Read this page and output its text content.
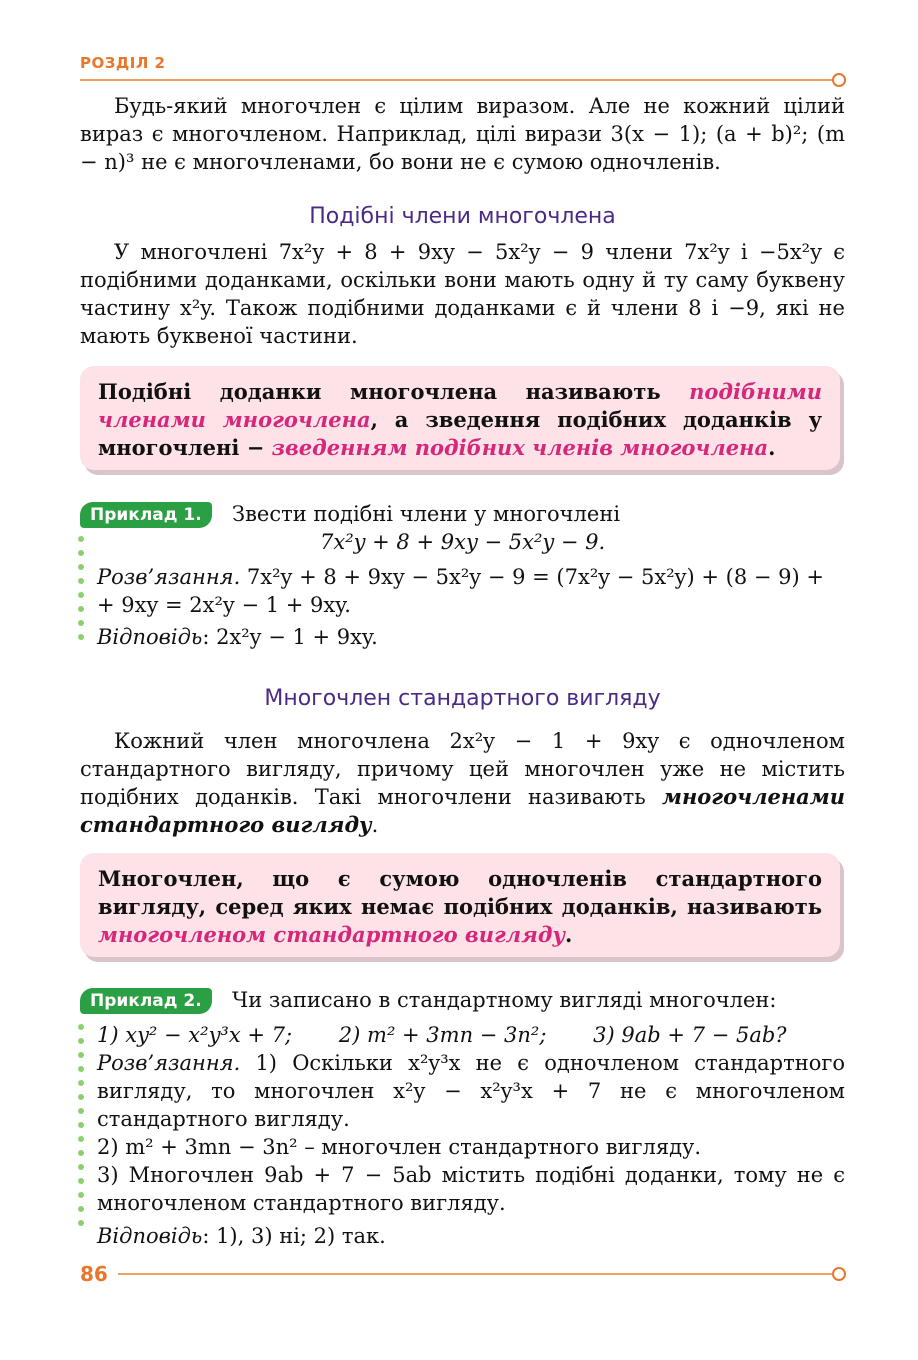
РОЗДІЛ 2
Будь-який многочлен є цілим виразом. Але не кожний цілий вираз є многочленом. Наприклад, цілі вирази 3(x − 1); (a + b)²; (m − n)³ не є многочленами, бо вони не є сумою одночленів.
Подібні члени многочлена
У многочлені 7x²y + 8 + 9xy − 5x²y − 9 члени 7x²y і −5x²y є подібними доданками, оскільки вони мають одну й ту саму буквену частину x²y. Також подібними доданками є й члени 8 і −9, які не мають буквеної частини.
Подібні доданки многочлена називають подібними членами многочлена, а зведення подібних доданків у многочлені − зведенням подібних членів многочлена.
Приклад 1.	Звести подібні члени у многочлені
7x²y + 8 + 9xy − 5x²y − 9.
Розв’язання. 7x²y + 8 + 9xy − 5x²y − 9 = (7x²y − 5x²y) + (8 − 9) +
+ 9xy = 2x²y − 1 + 9xy.
Відповідь: 2x²y − 1 + 9xy.
Многочлен стандартного вигляду
Кожний член многочлена 2x²y − 1 + 9xy є одночленом стандартного вигляду, причому цей многочлен уже не містить подібних доданків. Такі многочлени називають многочленами стандартного вигляду.
Многочлен, що є сумою одночленів стандартного вигляду, серед яких немає подібних доданків, називають многочленом стандартного вигляду.
Приклад 2.	Чи записано в стандартному вигляді многочлен:
1) xy² − x²y³x + 7;       2) m² + 3mn − 3n²;       3) 9ab + 7 − 5ab?
Розв’язання. 1) Оскільки x²y³x не є одночленом стандартного вигляду, то многочлен x²y − x²y³x + 7 не є многочленом стандартного вигляду.
2) m² + 3mn − 3n² – многочлен стандартного вигляду.
3) Многочлен 9ab + 7 − 5ab містить подібні доданки, тому не є многочленом стандартного вигляду.
Відповідь: 1), 3) ні; 2) так.
86
